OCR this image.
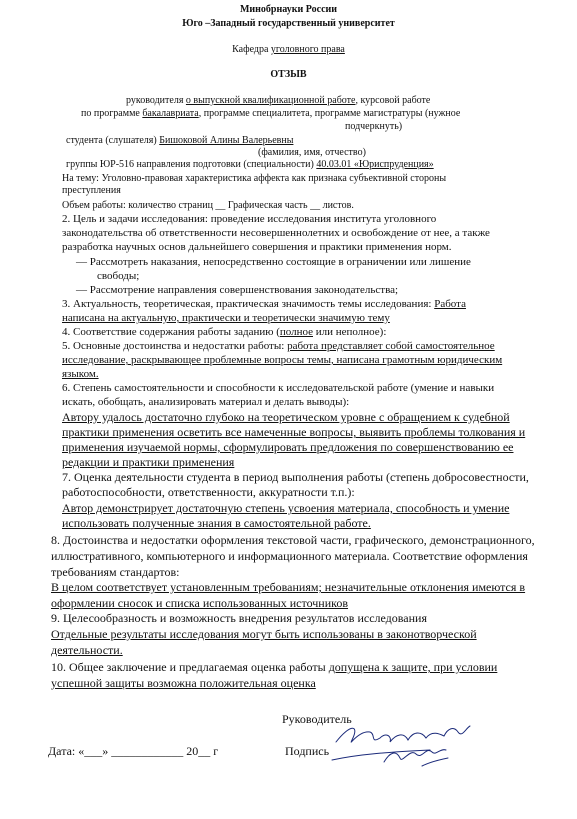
Минобрнауки России
Юго –Западный государственный университет
Кафедра уголовного права
ОТЗЫВ
руководителя о выпускной квалификационной работе, курсовой работе
по программе бакалавриата, программе специалитета, программе магистратуры (нужное
подчеркнуть)
студента (слушателя) Бишоковой Алины Валерьевны
(фамилия, имя, отчество)
группы ЮР-516 направления подготовки (специальности) 40.03.01 «Юриспруденция»
На тему: Уголовно-правовая характеристика аффекта как признака субъективной стороны
преступления
Объем работы: количество страниц __ Графическая часть __ листов.
2. Цель и задачи исследования: проведение исследования института уголовного
законодательства об ответственности несовершеннолетних и освобождение от нее, а также
разработка научных основ дальнейшего совершения и практики применения норм.
— Рассмотреть наказания, непосредственно состоящие в ограничении или лишение
свободы;
— Рассмотрение направления совершенствования законодательства;
3. Актуальность, теоретическая, практическая значимость темы исследования: Работа
написана на актуальную, практически и теоретически значимую тему
4. Соответствие содержания работы заданию (полное или неполное):
5. Основные достоинства и недостатки работы: работа представляет собой самостоятельное
исследование, раскрывающее проблемные вопросы темы, написана грамотным юридическим
языком.
6. Степень самостоятельности и способности к исследовательской работе (умение и навыки
искать, обобщать, анализировать материал и делать выводы):
Автору удалось достаточно глубоко на теоретическом уровне с обращением к судебной
практики применения осветить все намеченные вопросы, выявить проблемы толкования и
применения изучаемой нормы, сформулировать предложения по совершенствованию ее
редакции и практики применения
7. Оценка деятельности студента в период выполнения работы (степень добросовестности,
работоспособности, ответственности, аккуратности т.п.):
Автор демонстрирует достаточную степень усвоения материала, способность и умение
использовать полученные знания в самостоятельной работе.
8. Достоинства и недостатки оформления текстовой части, графического, демонстрационного,
иллюстративного, компьютерного и информационного материала. Соответствие оформления
требованиям стандартов:
В целом соответствует установленным требованиям; незначительные отклонения имеются в
оформлении сносок и списка использованных источников
9. Целесообразность и возможность внедрения результатов исследования
Отдельные результаты исследования могут быть использованы в законотворческой
деятельности.
10. Общее заключение и предлагаемая оценка работы допущена к защите, при условии
успешной защиты возможна положительная оценка
Руководитель
Дата: «___» ____________ 20__ г	Подпись
